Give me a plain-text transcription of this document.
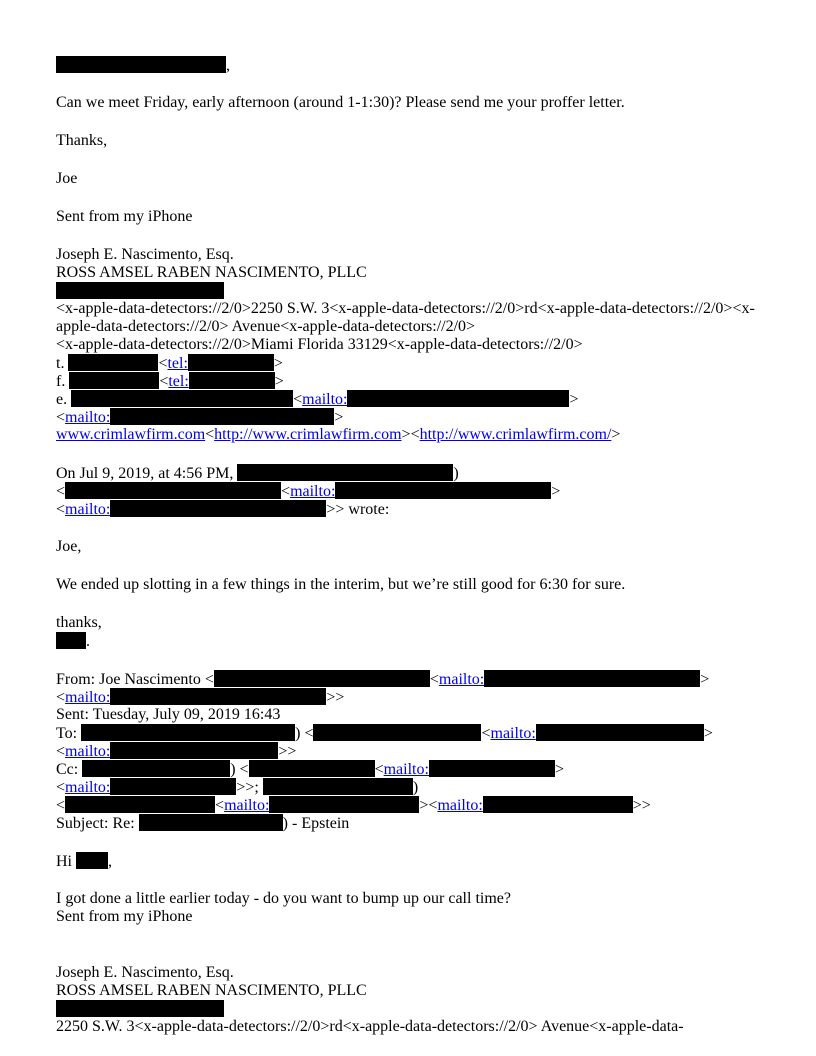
,
Can we meet Friday, early afternoon (around 1-1:30)? Please send me your proffer letter.
Thanks,
Joe
Sent from my iPhone
Joseph E. Nascimento, Esq.
ROSS AMSEL RABEN NASCIMENTO, PLLC
<x-apple-data-detectors://2/0>2250 S.W. 3<x-apple-data-detectors://2/0>rd<x-apple-data-detectors://2/0><x-
apple-data-detectors://2/0> Avenue<x-apple-data-detectors://2/0>
<x-apple-data-detectors://2/0>Miami Florida 33129<x-apple-data-detectors://2/0>
t.	<tel:	>
f.	<tel:	>
e.	<mailto:	>
<mailto:	>
www.crimlawfirm.com<http://www.crimlawfirm.com><http://www.crimlawfirm.com/>
On Jul 9, 2019, at 4:56 PM,	)
<	<mailto:	>
<mailto:	>> wrote:
Joe,
We ended up slotting in a few things in the interim, but we’re still good for 6:30 for sure.
thanks,
.
From: Joe Nascimento <	<mailto:	>
<mailto:	>>
Sent: Tuesday, July 09, 2019 16:43
To:	) <	<mailto:	>
<mailto:	>>
Cc:	) <	<mailto:	>
<mailto:	>>;	)
<	<mailto:	><mailto:	>>
Subject: Re:	) - Epstein
Hi ,
I got done a little earlier today - do you want to bump up our call time?
Sent from my iPhone
Joseph E. Nascimento, Esq.
ROSS AMSEL RABEN NASCIMENTO, PLLC
2250 S.W. 3<x-apple-data-detectors://2/0>rd<x-apple-data-detectors://2/0> Avenue<x-apple-data-
